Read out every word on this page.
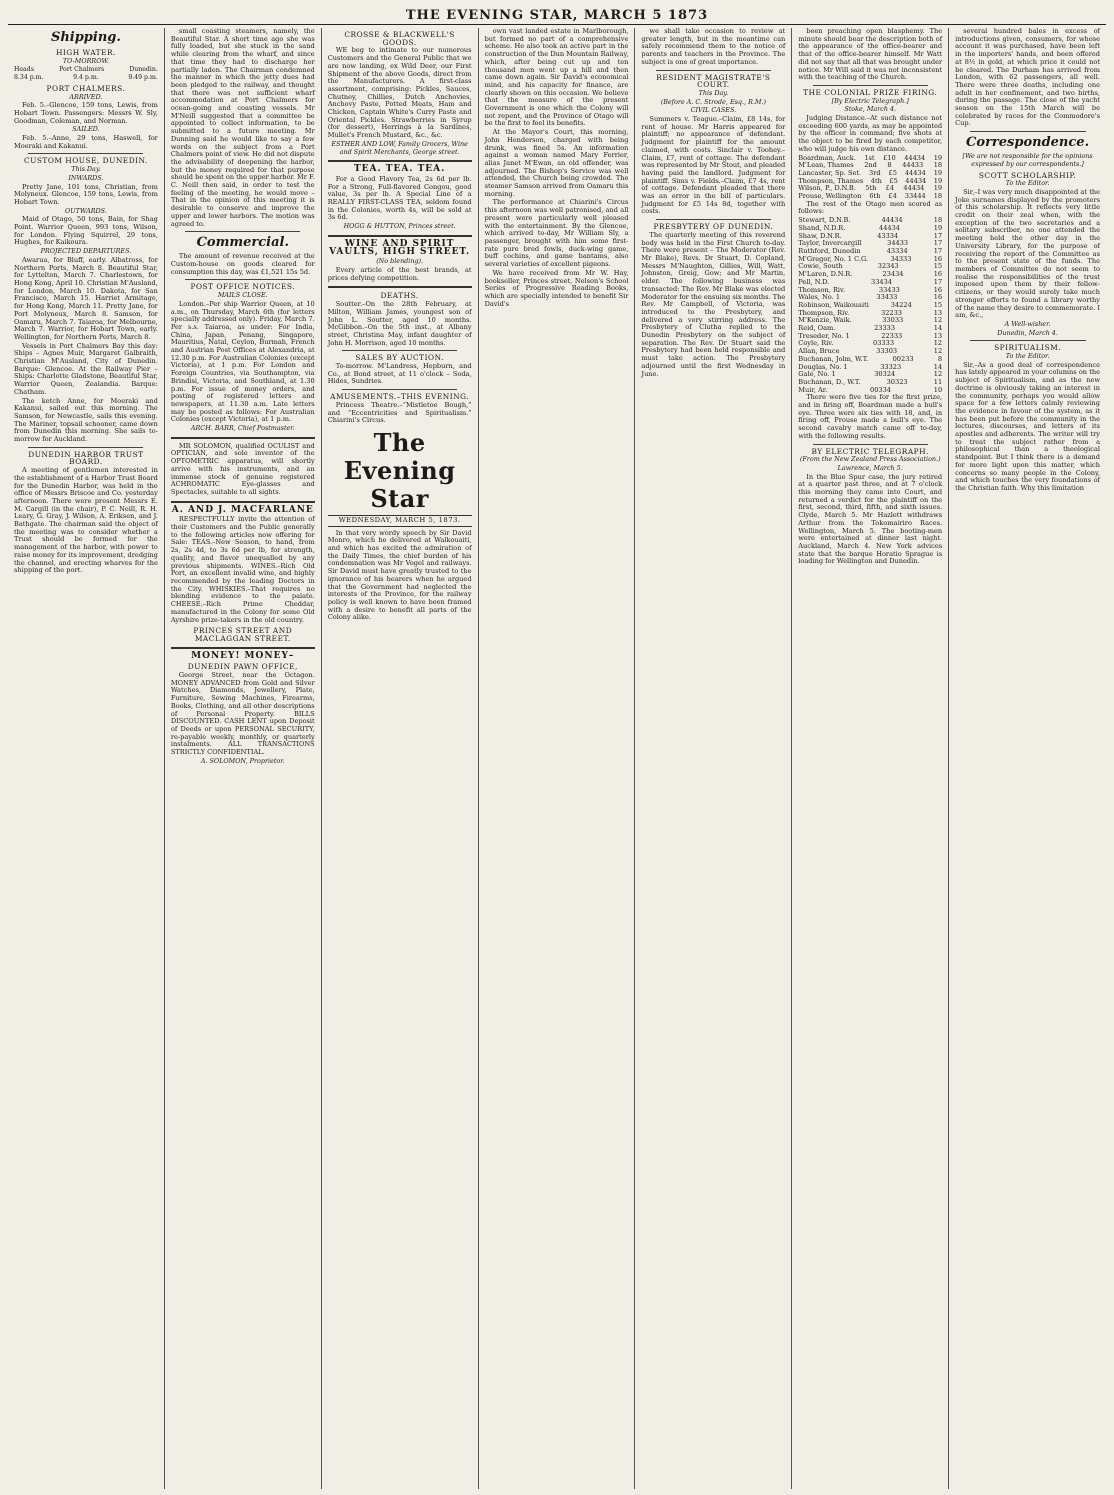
THE EVENING STAR, MARCH 5 1873
Shipping.
HIGH WATER.
TO-MORROW.
Heads	Port Chalmers	Dunedin.
8.34 p.m.	9.4 p.m.	9.49 p.m.
PORT CHALMERS.
ARRIVED.

Feb. 5.–Glencoe, 159 tons, Lewis, from Hobart Town. Passengers: Messrs W. Sly, Goodman, Coleman, and Norman.

SAILED.

Feb. 5.–Anne, 29 tons, Haswell, for Moeraki and Kakanui.

CUSTOM HOUSE, DUNEDIN.
This Day.
INWARDS.

Pretty Jane, 101 tons, Christian, from Molyneux. Glencoe, 159 tons, Lewis, from Hobart Town.

OUTWARDS.

Maid of Otago, 50 tons, Bain, for Shag Point. Warrior Queen, 993 tons, Wilson, for London. Flying Squirrel, 29 tons, Hughes, for Kaikoura.

PROJECTED DEPARTURES.

Awarua, for Bluff, early. Albatross, for Northern Ports, March 8. Beautiful Star, for Lyttelton, March 7. Charlestown, for Hong Kong, April 10. Christian M'Ausland, for London, March 10. Dakota, for San Francisco, March 15. Harriet Armitage, for Hong Kong, March 11. Pretty Jane, for Port Molyneux, March 8. Samson, for Oamaru, March 7. Taiaroa, for Melbourne, March 7. Warrior, for Hobart Town, early. Wellington, for Northern Ports, March 8.

Vessels in Port Chalmers Bay this day: Ships – Agnes Muir, Margaret Galbraith, Christian M'Ausland, City of Dunedin. Barque: Glencoe. At the Railway Pier – Ships: Charlotte Gladstone, Beautiful Star, Warrior Queen, Zealandia. Barque: Chatham.

The ketch Anne, for Moeraki and Kakanui, sailed out this morning. The Samson, for Newcastle, sails this evening. The Mariner, topsail schooner, came down from Dunedin this morning. She sails to-morrow for Auckland.

DUNEDIN HARBOR TRUST BOARD.

A meeting of gentlemen interested in the establishment of a Harbor Trust Board for the Dunedin Harbor, was held in the office of Messrs Briscoe and Co. yesterday afternoon. There were present Messrs E. M. Cargill (in the chair), P. C. Neill, R. H. Leary, G. Gray, J. Wilson, A. Eriksen, and J. Bathgate. The chairman said the object of the meeting was to consider whether a Trust should be formed for the management of the harbor, with power to raise money for its improvement, dredging the channel, and erecting wharves for the shipping of the port.

small coasting steamers, namely, the Beautiful Star. A short time ago she was fully loaded, but she stuck in the sand while clearing from the wharf, and since that time they had to discharge her partially laden. The Chairman condemned the manner in which the jetty dues had been pledged to the railway, and thought that there was not sufficient wharf accommodation at Port Chalmers for ocean-going and coasting vessels. Mr M'Neill suggested that a committee be appointed to collect information, to be submitted to a future meeting. Mr Dunning said he would like to say a few words on the subject from a Port Chalmers point of view. He did not dispute the advisability of deepening the harbor, but the money required for that purpose should be spent on the upper harbor. Mr F. C. Neill then said, in order to test the feeling of the meeting, he would move – That in the opinion of this meeting it is desirable to conserve and improve the upper and lower harbors. The motion was agreed to.

Commercial.

The amount of revenue received at the Custom-house on goods cleared for consumption this day, was £1,521 15s 5d.

POST OFFICE NOTICES.
MAILS CLOSE.

London.–Per ship Warrior Queen, at 10 a.m., on Thursday, March 6th (for letters specially addressed only). Friday, March 7. Per s.s. Taiaroa, as under: For India, China, Japan, Penang, Singapore, Mauritius, Natal, Ceylon, Burmah, French and Austrian Post Offices at Alexandria, at 12.30 p.m. For Australian Colonies (except Victoria), at 1 p.m. For London and Foreign Countries, via Southampton, via Brindisi, Victoria, and Southland, at 1.30 p.m. For issue of money orders, and posting of registered letters and newspapers, at 11.30 a.m. Late letters may be posted as follows: For Australian Colonies (except Victoria), at 1 p.m.

ARCH. BARR, Chief Postmaster.

MR SOLOMON, qualified OCULIST and OPTICIAN, and sole inventor of the OPTOMETRIC apparatus, will shortly arrive with his instruments, and an immense stock of genuine registered ACHROMATIC Eye-glasses and Spectacles, suitable to all sights.

A. AND J. MACFARLANE

RESPECTFULLY invite the attention of their Customers and the Public generally to the following articles now offering for Sale: TEAS.–New Season, to hand, from 2s, 2s 4d, to 3s 6d per lb, for strength, quality, and flavor unequalled by any previous shipments. WINES.–Rich Old Port, an excellent invalid wine, and highly recommended by the leading Doctors in the City. WHISKIES.–That requires no blending evidence to the palate. CHEESE.–Rich Prime Cheddar, manufactured in the Colony for some Old Ayrshire prize-takers in the old country.

PRINCES STREET AND MACLAGGAN STREET.
MONEY! MONEY–
DUNEDIN PAWN OFFICE,

George Street, near the Octagon. MONEY ADVANCED from Gold and Silver Watches, Diamonds, Jewellery, Plate, Furniture, Sewing Machines, Firearms, Books, Clothing, and all other descriptions of Personal Property. BILLS DISCOUNTED. CASH LENT upon Deposit of Deeds or upon PERSONAL SECURITY, re-payable weekly, monthly, or quarterly instalments. ALL TRANSACTIONS STRICTLY CONFIDENTIAL.

A. SOLOMON, Proprietor.
CROSSE & BLACKWELL'S GOODS.

WE beg to intimate to our numerous Customers and the General Public that we are now landing, ex Wild Deer, our First Shipment of the above Goods, direct from the Manufacturers. A first-class assortment, comprising: Pickles, Sauces, Chutney, Chillies, Dutch Anchovies, Anchovy Paste, Potted Meats, Ham and Chicken, Captain White's Curry Paste and Oriental Pickles. Strawberries in Syrup (for dessert), Herrings à la Sardines, Mullet's French Mustard, &c., &c.

ESTHER AND LOW, Family Grocers, Wine and Spirit Merchants, George street.
TEA. TEA. TEA.

For a Good Flavory Tea, 2s 6d per lb. For a Strong, Full-flavored Congou, good value, 3s per lb. A Special Line of a REALLY FIRST-CLASS TEA, seldom found in the Colonies, worth 4s, will be sold at 3s 6d.

HOGG & HUTTON, Princes street.
WINE AND SPIRIT VAULTS, HIGH STREET.
(No blending).

Every article of the best brands, at prices defying competition.

DEATHS.

Soutter.–On the 28th February, at Milton, William James, youngest son of John L. Soutter, aged 10 months. McGibbon.–On the 5th inst., at Albany street, Christina May, infant daughter of John H. Morrison, aged 10 months.

SALES BY AUCTION.

To-morrow. M'Landress, Hepburn, and Co., at Bond street, at 11 o'clock – Soda, Hides, Sundries.

AMUSEMENTS.–THIS EVENING.

Princess Theatre.–“Mistletoe Bough,” and “Eccentricities and Spiritualism.” Chiarini's Circus.

The Evening Star
WEDNESDAY, MARCH 5, 1873.

In that very wordy speech by Sir David Monro, which he delivered at Walkouaiti, and which has excited the admiration of the Daily Times, the chief burden of his condemnation was Mr Vogel and railways. Sir David must have greatly trusted to the ignorance of his hearers when he argued that the Government had neglected the interests of the Province, for the railway policy is well known to have been framed with a desire to benefit all parts of the Colony alike.

own vast landed estate in Marlborough, but formed no part of a comprehensive scheme. He also took an active part in the construction of the Dun Mountain Railway, which, after being cut up and ten thousand men went up a hill and then came down again. Sir David's economical mind, and his capacity for finance, are clearly shown on this occasion. We believe that the measure of the present Government is one which the Colony will not repent, and the Province of Otago will be the first to feel its benefits.

At the Mayor's Court, this morning, John Henderson, charged with being drunk, was fined 5s. An information against a woman named Mary Ferrier, alias Janet M'Ewan, an old offender, was adjourned. The Bishop's Service was well attended, the Church being crowded. The steamer Samson arrived from Oamaru this morning.

The performance at Chiarini's Circus this afternoon was well patronised, and all present were particularly well pleased with the entertainment. By the Glencoe, which arrived to-day, Mr William Sly, a passenger, brought with him some first-rate pure bred fowls, duck-wing game, buff cochins, and game bantams, also several varieties of excellent pigeons.

We have received from Mr W. Hay, bookseller, Princes street, Nelson's School Series of Progressive Reading Books, which are specially intended to benefit Sir David's

we shall take occasion to review at greater length, but in the meantime can safely recommend them to the notice of parents and teachers in the Province. The subject is one of great importance.

RESIDENT MAGISTRATE'S COURT.
This Day.
(Before A. C. Strode, Esq., R.M.)
CIVIL CASES.

Summers v. Teague.–Claim, £8 14s, for rent of house. Mr Harris appeared for plaintiff; no appearance of defendant. Judgment for plaintiff for the amount claimed, with costs. Sinclair v. Toohey.–Claim, £7, rent of cottage. The defendant was represented by Mr Stout, and pleaded having paid the landlord. Judgment for plaintiff. Sims v. Fields.–Claim, £7 4s, rent of cottage. Defendant pleaded that there was an error in the bill of particulars. Judgment for £5 14s 8d, together with costs.

PRESBYTERY OF DUNEDIN.

The quarterly meeting of this reverend body was held in the First Church to-day. There were present – The Moderator (Rev. Mr Blake), Revs. Dr Stuart, D. Copland, Messrs M'Naughton, Gillies, Will, Watt, Johnston, Greig, Gow; and Mr Martin, elder. The following business was transacted: The Rev. Mr Blake was elected Moderator for the ensuing six months. The Rev. Mr Campbell, of Victoria, was introduced to the Presbytery, and delivered a very stirring address. The Presbytery of Clutha replied to the Dunedin Presbytery on the subject of separation. The Rev. Dr Stuart said the Presbytery had been held responsible and must take action. The Presbytery adjourned until the first Wednesday in June.

been preaching open blasphemy. The minute should bear the description both of the appearance of the office-bearer and that of the office-bearer himself. Mr Watt did not say that all that was brought under notice. Mr Will said it was not inconsistent with the teaching of the Church.

THE COLONIAL PRIZE FIRING.
[By Electric Telegraph.]
Stoke, March 4.

Judging Distance.–At such distance not exceeding 600 yards, as may be appointed by the officer in command; five shots at the object to be fired by each competitor, who will judge his own distance.

Boardman, Auck. 1st £10 44434 19
M'Lean, Thames 2nd 8 44433 18
Lancaster, Sp. Set. 3rd £5 44434 19
Thompson, Thames 4th £5 44434 19
Wilson, P., D.N.B. 5th £4 44434 19
Prouse, Wellington 6th £4 33444 18

The rest of the Otago men scored as follows:

Stewart, D.N.B.	44434	18
Shand, N.D.R.	44434	19
Shaw, D.N.R.	43334	17
Taylor, Invercargill	34433	17
Ruthford, Dunedin	43334	17
M'Gregor, No. 1 C.G.	34333	16
Cowie, South	32343	15
M'Laren, D.N.R.	23434	16
Pell, N.D.	33434	17
Thomson, Riv.	33433	16
Wales, No. 1	33433	16
Robinson, Waikouaiti	34224	15
Thompson, Riv.	32233	13
M'Kenzie, Waik.	33033	12
Reid, Oam.	23333	14
Treseder, No. 1	22333	13
Coyle, Riv.	03333	12
Allan, Bruce	33303	12
Buchanan, Jolm, W.T.	00233	8
Douglas, No. 1	33323	14
Gale, No. 1	30324	12
Buchanan, D., W.T.	30323	11
Muir, Ar.	00334	10

There were five ties for the first prize, and in firing off, Boardman made a bull's eye. Three were six ties with 18, and, in firing off, Prouse made a bull's eye. The second cavalry match came off to-day, with the following results.

BY ELECTRIC TELEGRAPH.
(From the New Zealand Press Association.)
Lawrence, March 5.

In the Blue Spur case, the jury retired at a quarter past three, and at 7 o'clock this morning they came into Court, and returned a verdict for the plaintiff on the first, second, third, fifth, and sixth issues. Clyde, March 5. Mr Hazlett withdraws Arthur from the Tokomairiro Races. Wellington, March 5. The booting-men were entertained at dinner last night. Auckland, March 4. New York advices state that the barque Horatio Sprague is loading for Wellington and Dunedin.

several hundred bales in excess of introductions given, consumers, for whose account it was purchased, have been left in the importers' hands, and been offered at 8½ in gold, at which price it could not be cleared. The Durham has arrived from London, with 62 passengers, all well. There were three deaths, including one adult in her confinement, and two births, during the passage. The close of the yacht season on the 15th March will be celebrated by races for the Commodore's Cup.

Correspondence.
[We are not responsible for the opinions expressed by our correspondents.]
SCOTT SCHOLARSHIP.
To the Editor.

Sir,–I was very much disappointed at the Joke surnames displayed by the promoters of this scholarship. It reflects very little credit on their zeal when, with the exception of the two secretaries and a solitary subscriber, no one attended the meeting held the other day in the University Library, for the purpose of receiving the report of the Committee as to the present state of the funds. The members of Committee do not seem to realise the responsibilities of the trust imposed upon them by their fellow-citizens, or they would surely take much stronger efforts to found a library worthy of the name they desire to commemorate. I am, &c.,

A Well-wisher.
Dunedin, March 4.
SPIRITUALISM.
To the Editor.

Sir,–As a good deal of correspondence has lately appeared in your columns on the subject of Spiritualism, and as the new doctrine is obviously taking an interest in the community, perhaps you would allow space for a few letters calmly reviewing the evidence in favour of the system, as it has been put before the community in the lectures, discourses, and letters of its apostles and adherents. The writer will try to treat the subject rather from a philosophical than a theological standpoint. But I think there is a demand for more light upon this matter, which concerns so many people in the Colony, and which touches the very foundations of the Christian faith. Why this limitation
